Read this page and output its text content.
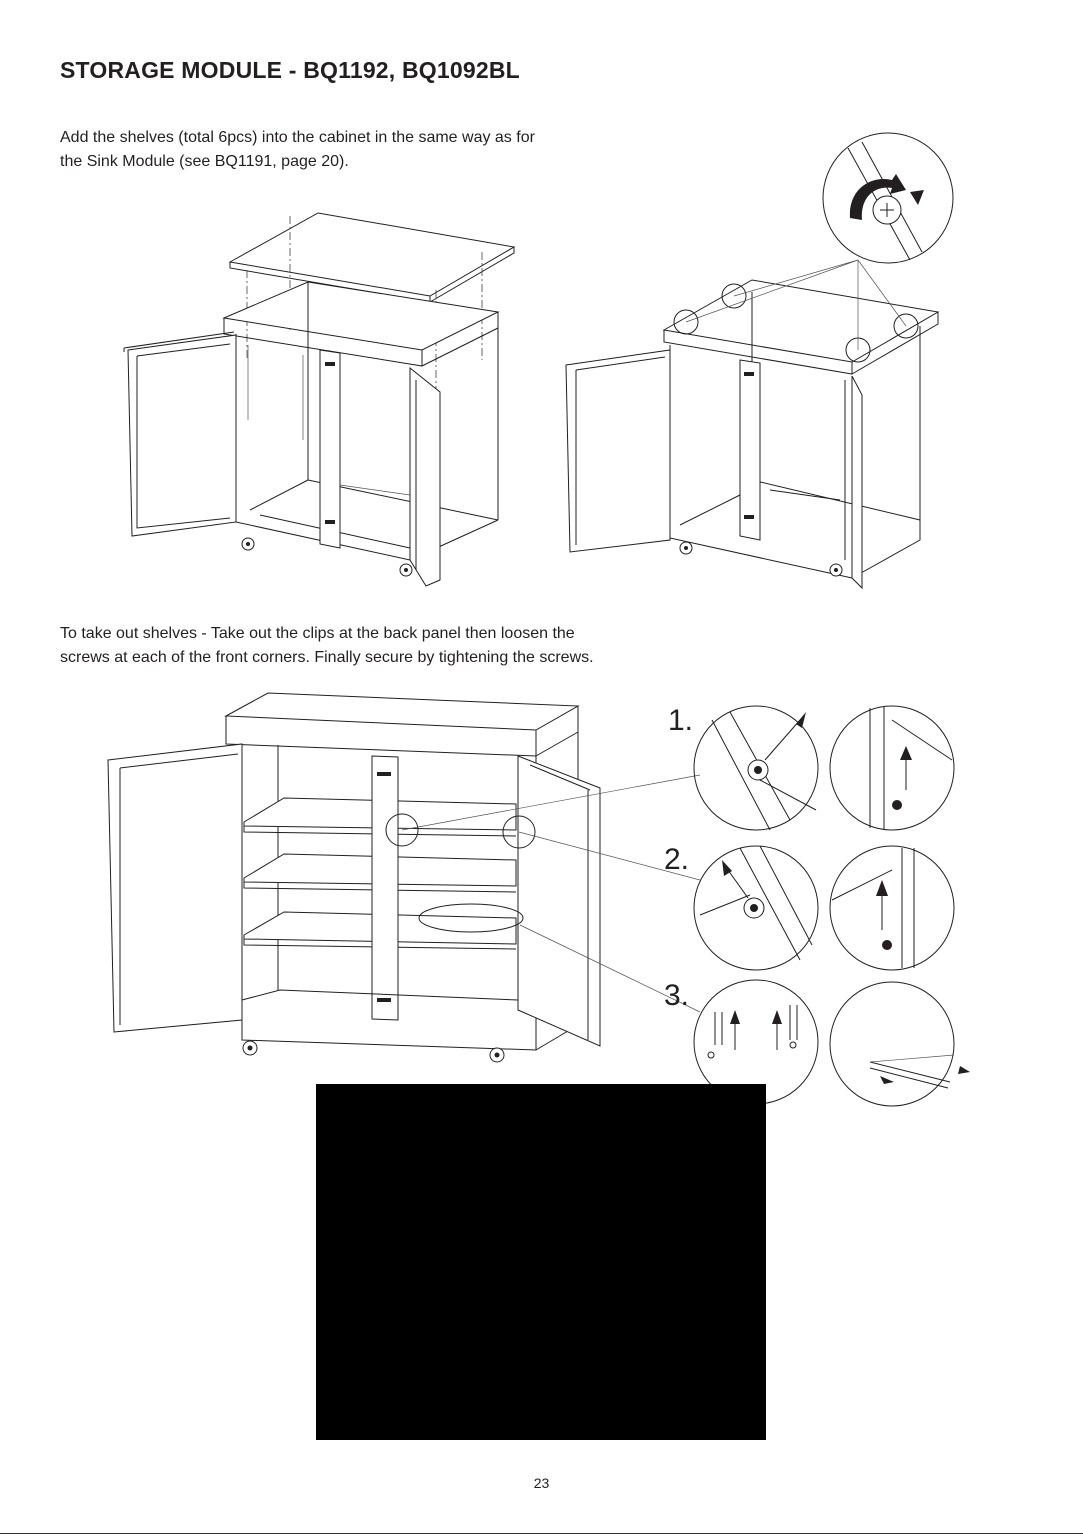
STORAGE MODULE - BQ1192, BQ1092BL

Add the shelves (total 6pcs) into the cabinet in the same way as for
the Sink Module (see BQ1191, page 20).

To take out shelves - Take out the clips at the back panel then loosen the
screws at each of the front corners. Finally secure by tightening the screws.

1.
2.
3.
23
